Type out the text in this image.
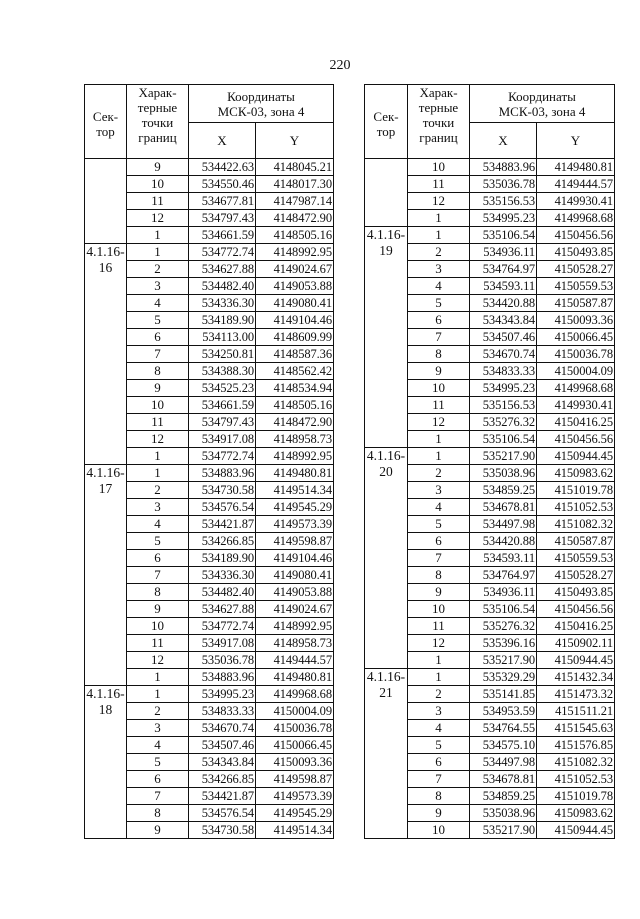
220
Сек-
тор	Харак-
терные
точки
границ	Координаты
МСК-03, зона 4	
		X	Y
	9	534422.63	4148045.21
	10	534550.46	4148017.30
	11	534677.81	4147987.14
	12	534797.43	4148472.90
	1	534661.59	4148505.16
4.1.16-
16	1	534772.74	4148992.95
	2	534627.88	4149024.67
	3	534482.40	4149053.88
	4	534336.30	4149080.41
	5	534189.90	4149104.46
	6	534113.00	4148609.99
	7	534250.81	4148587.36
	8	534388.30	4148562.42
	9	534525.23	4148534.94
	10	534661.59	4148505.16
	11	534797.43	4148472.90
	12	534917.08	4148958.73
	1	534772.74	4148992.95
4.1.16-
17	1	534883.96	4149480.81
	2	534730.58	4149514.34
	3	534576.54	4149545.29
	4	534421.87	4149573.39
	5	534266.85	4149598.87
	6	534189.90	4149104.46
	7	534336.30	4149080.41
	8	534482.40	4149053.88
	9	534627.88	4149024.67
	10	534772.74	4148992.95
	11	534917.08	4148958.73
	12	535036.78	4149444.57
	1	534883.96	4149480.81
4.1.16-
18	1	534995.23	4149968.68
	2	534833.33	4150004.09
	3	534670.74	4150036.78
	4	534507.46	4150066.45
	5	534343.84	4150093.36
	6	534266.85	4149598.87
	7	534421.87	4149573.39
	8	534576.54	4149545.29
	9	534730.58	4149514.34
Сек-
тор	Харак-
терные
точки
границ	Координаты
МСК-03, зона 4	
		X	Y
	10	534883.96	4149480.81
	11	535036.78	4149444.57
	12	535156.53	4149930.41
	1	534995.23	4149968.68
4.1.16-
19	1	535106.54	4150456.56
	2	534936.11	4150493.85
	3	534764.97	4150528.27
	4	534593.11	4150559.53
	5	534420.88	4150587.87
	6	534343.84	4150093.36
	7	534507.46	4150066.45
	8	534670.74	4150036.78
	9	534833.33	4150004.09
	10	534995.23	4149968.68
	11	535156.53	4149930.41
	12	535276.32	4150416.25
	1	535106.54	4150456.56
4.1.16-
20	1	535217.90	4150944.45
	2	535038.96	4150983.62
	3	534859.25	4151019.78
	4	534678.81	4151052.53
	5	534497.98	4151082.32
	6	534420.88	4150587.87
	7	534593.11	4150559.53
	8	534764.97	4150528.27
	9	534936.11	4150493.85
	10	535106.54	4150456.56
	11	535276.32	4150416.25
	12	535396.16	4150902.11
	1	535217.90	4150944.45
4.1.16-
21	1	535329.29	4151432.34
	2	535141.85	4151473.32
	3	534953.59	4151511.21
	4	534764.55	4151545.63
	5	534575.10	4151576.85
	6	534497.98	4151082.32
	7	534678.81	4151052.53
	8	534859.25	4151019.78
	9	535038.96	4150983.62
	10	535217.90	4150944.45
